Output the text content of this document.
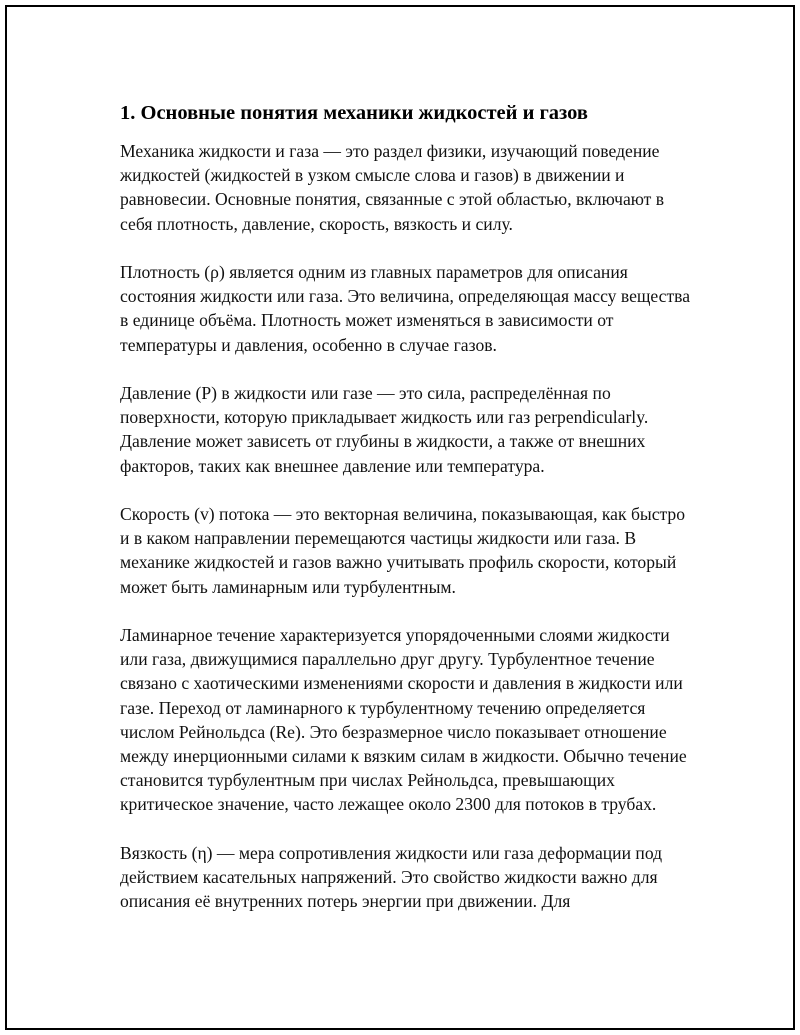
1. Основные понятия механики жидкостей и газов

Механика жидкости и газа — это раздел физики, изучающий поведение жидкостей (жидкостей в узком смысле слова и газов) в движении и равновесии. Основные понятия, связанные с этой областью, включают в себя плотность, давление, скорость, вязкость и силу.

Плотность (ρ) является одним из главных параметров для описания состояния жидкости или газа. Это величина, определяющая массу вещества в единице объёма. Плотность может изменяться в зависимости от температуры и давления, особенно в случае газов.

Давление (P) в жидкости или газе — это сила, распределённая по поверхности, которую прикладывает жидкость или газ perpendicularly. Давление может зависеть от глубины в жидкости, а также от внешних факторов, таких как внешнее давление или температура.

Скорость (v) потока — это векторная величина, показывающая, как быстро и в каком направлении перемещаются частицы жидкости или газа. В механике жидкостей и газов важно учитывать профиль скорости, который может быть ламинарным или турбулентным.

Ламинарное течение характеризуется упорядоченными слоями жидкости или газа, движущимися параллельно друг другу. Турбулентное течение связано с хаотическими изменениями скорости и давления в жидкости или газе. Переход от ламинарного к турбулентному течению определяется числом Рейнольдса (Re). Это безразмерное число показывает отношение между инерционными силами к вязким силам в жидкости. Обычно течение становится турбулентным при числах Рейнольдса, превышающих критическое значение, часто лежащее около 2300 для потоков в трубах.

Вязкость (η) — мера сопротивления жидкости или газа деформации под действием касательных напряжений. Это свойство жидкости важно для описания её внутренних потерь энергии при движении. Для
